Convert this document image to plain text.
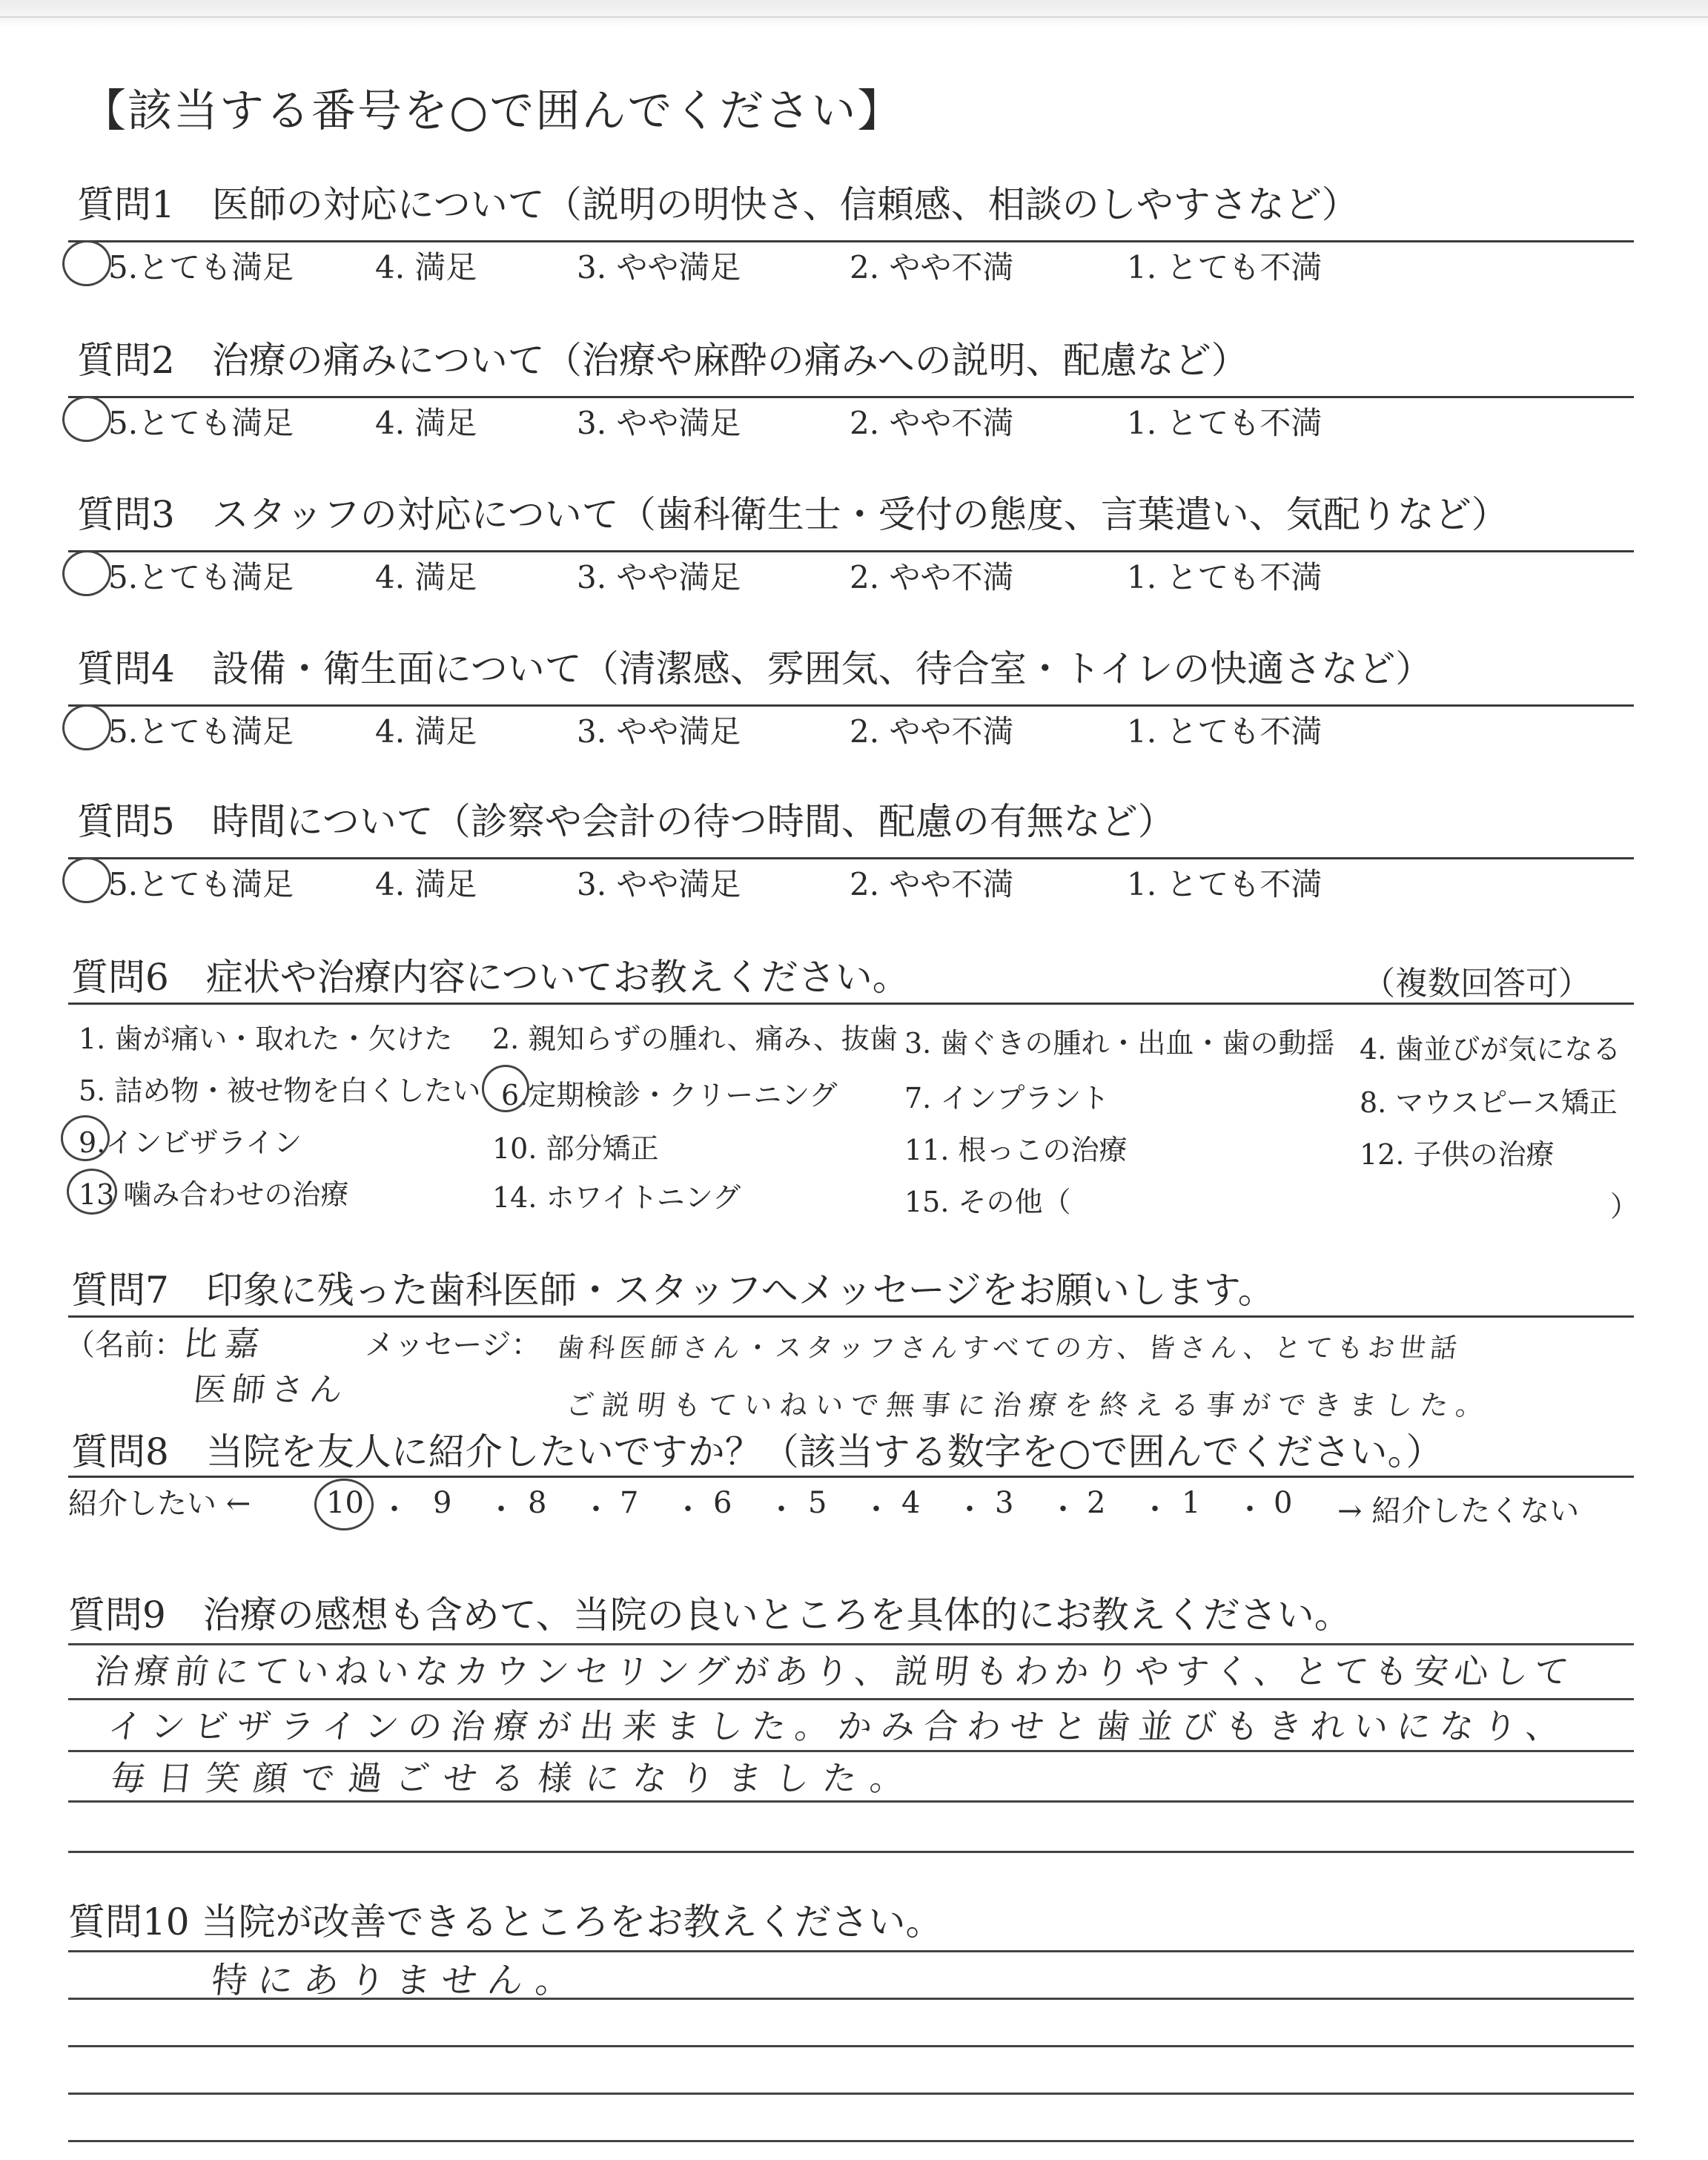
【該当する番号を○で囲んでください】
質問1　医師の対応について（説明の明快さ、信頼感、相談のしやすさなど）
5.とても満足	4. 満足	3. やや満足	2. やや不満	1. とても不満
質問2　治療の痛みについて（治療や麻酔の痛みへの説明、配慮など）
5.とても満足	4. 満足	3. やや満足	2. やや不満	1. とても不満
質問3　スタッフの対応について（歯科衛生士・受付の態度、言葉遣い、気配りなど）
5.とても満足	4. 満足	3. やや満足	2. やや不満	1. とても不満
質問4　設備・衛生面について（清潔感、雰囲気、待合室・トイレの快適さなど）
5.とても満足	4. 満足	3. やや満足	2. やや不満	1. とても不満
質問5　時間について（診察や会計の待つ時間、配慮の有無など）
5.とても満足	4. 満足	3. やや満足	2. やや不満	1. とても不満
質問6　症状や治療内容についてお教えください。	（複数回答可）
1. 歯が痛い・取れた・欠けた 2. 親知らずの腫れ、痛み、抜歯 3. 歯ぐきの腫れ・出血・歯の動揺 4. 歯並びが気になる
5. 詰め物・被せ物を白くしたい 6.定期検診・クリーニング 7. インプラント	8. マウスピース矯正
9.インビザライン	10. 部分矯正	11. 根っこの治療	12. 子供の治療
13 噛み合わせの治療	14. ホワイトニング	15. その他（	）
質問7　印象に残った歯科医師・スタッフへメッセージをお願いします。
（名前：	メッセージ：
比嘉
医師さん
歯科医師さん・スタッフさんすべての方、皆さん、とてもお世話
ご説明もていねいで無事に治療を終える事ができました。
質問8　当院を友人に紹介したいですか？（該当する数字を○で囲んでください。）
紹介したい ←	→ 紹介したくない
10 ・ 9 ・ 8 ・ 7 ・ 6 ・ 5 ・ 4 ・ 3 ・ 2 ・ 1 ・ 0
質問9　治療の感想も含めて、当院の良いところを具体的にお教えください。
治療前にていねいなカウンセリングがあり、説明もわかりやすく、とても安心して
インビザラインの治療が出来ました。かみ合わせと歯並びもきれいになり、
毎日笑顔で過ごせる様になりました。
質問10 当院が改善できるところをお教えください。
特にありません。
